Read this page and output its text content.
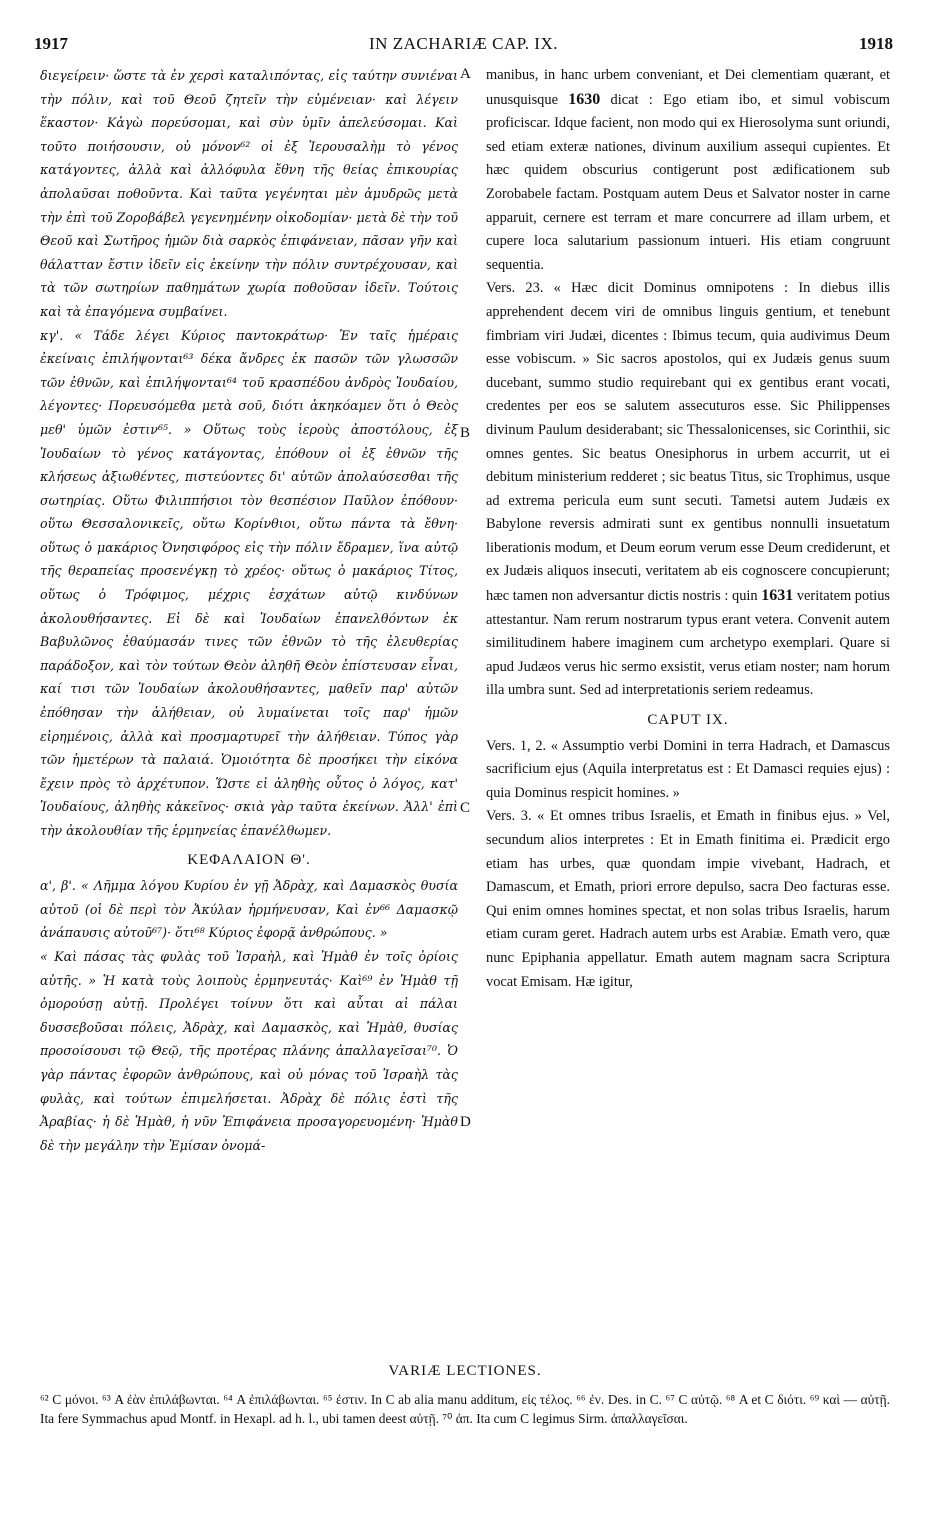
1917	IN ZACHARIÆ CAP. IX.	1918
A
B
C
D

διεγείρειν· ὥστε τὰ ἐν χερσὶ καταλιπόντας, εἰς ταύτην συνιέναι τὴν πόλιν, καὶ τοῦ Θεοῦ ζητεῖν τὴν εὐμένειαν· καὶ λέγειν ἕκαστον· Κἀγὼ πορεύσομαι, καὶ σὺν ὑμῖν ἀπελεύσομαι. Καὶ τοῦτο ποιήσουσιν, οὐ μόνον⁶² οἱ ἐξ Ἱερουσαλὴμ τὸ γένος κατάγοντες, ἀλλὰ καὶ ἀλλόφυλα ἔθνη τῆς θείας ἐπικουρίας ἀπολαῦσαι ποθοῦντα. Καὶ ταῦτα γεγένηται μὲν ἀμυδρῶς μετὰ τὴν ἐπὶ τοῦ Ζοροβάβελ γεγενημένην οἰκοδομίαν· μετὰ δὲ τὴν τοῦ Θεοῦ καὶ Σωτῆρος ἡμῶν διὰ σαρκὸς ἐπιφάνειαν, πᾶσαν γῆν καὶ θάλατταν ἔστιν ἰδεῖν εἰς ἐκείνην τὴν πόλιν συντρέχουσαν, καὶ τὰ τῶν σωτηρίων παθημάτων χωρία ποθοῦσαν ἰδεῖν. Τούτοις καὶ τὰ ἐπαγόμενα συμβαίνει.

κγ'. « Τάδε λέγει Κύριος παντοκράτωρ· Ἐν ταῖς ἡμέραις ἐκείναις ἐπιλήψονται⁶³ δέκα ἄνδρες ἐκ πασῶν τῶν γλωσσῶν τῶν ἐθνῶν, καὶ ἐπιλήψονται⁶⁴ τοῦ κρασπέδου ἀνδρὸς Ἰουδαίου, λέγοντες· Πορευσόμεθα μετὰ σοῦ, διότι ἀκηκόαμεν ὅτι ὁ Θεὸς μεθ' ὑμῶν ἐστιν⁶⁵. » Οὕτως τοὺς ἱεροὺς ἀποστόλους, ἐξ Ἰουδαίων τὸ γένος κατάγοντας, ἐπόθουν οἱ ἐξ ἐθνῶν τῆς κλήσεως ἀξιωθέντες, πιστεύοντες δι' αὐτῶν ἀπολαύσεσθαι τῆς σωτηρίας. Οὕτω Φιλιππήσιοι τὸν θεσπέσιον Παῦλον ἐπόθουν· οὕτω Θεσσαλονικεῖς, οὕτω Κορίνθιοι, οὕτω πάντα τὰ ἔθνη· οὕτως ὁ μακάριος Ὀνησιφόρος εἰς τὴν πόλιν ἔδραμεν, ἵνα αὐτῷ τῆς θεραπείας προσενέγκῃ τὸ χρέος· οὕτως ὁ μακάριος Τίτος, οὕτως ὁ Τρόφιμος, μέχρις ἐσχάτων αὐτῷ κινδύνων ἀκολουθήσαντες. Εἰ δὲ καὶ Ἰουδαίων ἐπανελθόντων ἐκ Βαβυλῶνος ἐθαύμασάν τινες τῶν ἐθνῶν τὸ τῆς ἐλευθερίας παράδοξον, καὶ τὸν τούτων Θεὸν ἀληθῆ Θεὸν ἐπίστευσαν εἶναι, καί τισι τῶν Ἰουδαίων ἀκολουθήσαντες, μαθεῖν παρ' αὐτῶν ἐπόθησαν τὴν ἀλήθειαν, οὐ λυμαίνεται τοῖς παρ' ἡμῶν εἰρημένοις, ἀλλὰ καὶ προσμαρτυρεῖ τὴν ἀλήθειαν. Τύπος γὰρ τῶν ἡμετέρων τὰ παλαιά. Ὁμοιότητα δὲ προσήκει τὴν εἰκόνα ἔχειν πρὸς τὸ ἀρχέτυπον. Ὥστε εἰ ἀληθὴς οὗτος ὁ λόγος, κατ' Ἰουδαίους, ἀληθὴς κἀκεῖνος· σκιὰ γὰρ ταῦτα ἐκείνων. Ἀλλ' ἐπὶ τὴν ἀκολουθίαν τῆς ἑρμηνείας ἐπανέλθωμεν.

ΚΕΦΑΛΑΙΟΝ Θ'.

α', β'. « Λῆμμα λόγου Κυρίου ἐν γῇ Ἀδρὰχ, καὶ Δαμασκὸς θυσία αὐτοῦ (οἱ δὲ περὶ τὸν Ἀκύλαν ἡρμήνευσαν, Καὶ ἐν⁶⁶ Δαμασκῷ ἀνάπαυσις αὐτοῦ⁶⁷)· ὅτι⁶⁸ Κύριος ἐφορᾷ ἀνθρώπους. »

« Καὶ πάσας τὰς φυλὰς τοῦ Ἰσραὴλ, καὶ Ἡμὰθ ἐν τοῖς ὁρίοις αὐτῆς. » Ἡ κατὰ τοὺς λοιποὺς ἑρμηνευτάς· Καὶ⁶⁹ ἐν Ἡμὰθ τῇ ὁμορούσῃ αὐτῇ. Προλέγει τοίνυν ὅτι καὶ αὗται αἱ πάλαι δυσσεβοῦσαι πόλεις, Ἀδρὰχ, καὶ Δαμασκὸς, καὶ Ἡμὰθ, θυσίας προσοίσουσι τῷ Θεῷ, τῆς προτέρας πλάνης ἀπαλλαγεῖσαι⁷⁰. Ὁ γὰρ πάντας ἐφορῶν ἀνθρώπους, καὶ οὐ μόνας τοῦ Ἰσραὴλ τὰς φυλὰς, καὶ τούτων ἐπιμελήσεται. Ἀδρὰχ δὲ πόλις ἐστὶ τῆς Ἀραβίας· ἡ δὲ Ἡμὰθ, ἡ νῦν Ἐπιφάνεια προσαγορευομένη· Ἡμὰθ δὲ τὴν μεγάλην τὴν Ἐμίσαν ὀνομά-

manibus, in hanc urbem conveniant, et Dei clementiam quærant, et unusquisque 1630 dicat : Ego etiam ibo, et simul vobiscum proficiscar. Idque facient, non modo qui ex Hierosolyma sunt oriundi, sed etiam exteræ nationes, divinum auxilium assequi cupientes. Et hæc quidem obscurius contigerunt post ædificationem sub Zorobabele factam. Postquam autem Deus et Salvator noster in carne apparuit, cernere est terram et mare concurrere ad illam urbem, et cupere loca salutarium passionum intueri. His etiam congruunt sequentia.

Vers. 23. « Hæc dicit Dominus omnipotens : In diebus illis apprehendent decem viri de omnibus linguis gentium, et tenebunt fimbriam viri Judæi, dicentes : Ibimus tecum, quia audivimus Deum esse vobiscum. » Sic sacros apostolos, qui ex Judæis genus suum ducebant, summo studio requirebant qui ex gentibus erant vocati, credentes per eos se salutem assecuturos esse. Sic Philippenses divinum Paulum desiderabant; sic Thessalonicenses, sic Corinthii, sic omnes gentes. Sic beatus Onesiphorus in urbem accurrit, ut ei debitum ministerium redderet ; sic beatus Titus, sic Trophimus, usque ad extrema pericula eum sunt secuti. Tametsi autem Judæis ex Babylone reversis admirati sunt ex gentibus nonnulli insuetatum liberationis modum, et Deum eorum verum esse Deum crediderunt, et ex Judæis aliquos insecuti, veritatem ab eis cognoscere concupierunt; hæc tamen non adversantur dictis nostris : quin 1631 veritatem potius attestantur. Nam rerum nostrarum typus erant vetera. Convenit autem similitudinem habere imaginem cum archetypo exemplari. Quare si apud Judæos verus hic sermo exsistit, verus etiam noster; nam horum illa umbra sunt. Sed ad interpretationis seriem redeamus.

CAPUT IX.

Vers. 1, 2. « Assumptio verbi Domini in terra Hadrach, et Damascus sacrificium ejus (Aquila interpretatus est : Et Damasci requies ejus) : quia Dominus respicit homines. »

Vers. 3. « Et omnes tribus Israelis, et Emath in finibus ejus. » Vel, secundum alios interpretes : Et in Emath finitima ei. Prædicit ergo etiam has urbes, quæ quondam impie vivebant, Hadrach, et Damascum, et Emath, priori errore depulso, sacra Deo facturas esse. Qui enim omnes homines spectat, et non solas tribus Israelis, harum etiam curam geret. Hadrach autem urbs est Arabiæ. Emath vero, quæ nunc Epiphania appellatur. Emath autem magnam sacra Scriptura vocat Emisam. Hæ igitur,

VARIÆ LECTIONES.

⁶² C μόνοι. ⁶³ A ἐὰν ἐπιλάβωνται. ⁶⁴ A ἐπιλάβωνται. ⁶⁵ ἐστιν. In C ab alia manu additum, εἰς τέλος. ⁶⁶ ἐν. Des. in C. ⁶⁷ C αὐτῷ. ⁶⁸ A et C διότι. ⁶⁹ καὶ — αὐτῇ. Ita fere Symmachus apud Montf. in Hexapl. ad h. l., ubi tamen deest αὐτῇ. ⁷⁰ ἀπ. Ita cum C legimus Sirm. ἀπαλλαγεῖσαι.
